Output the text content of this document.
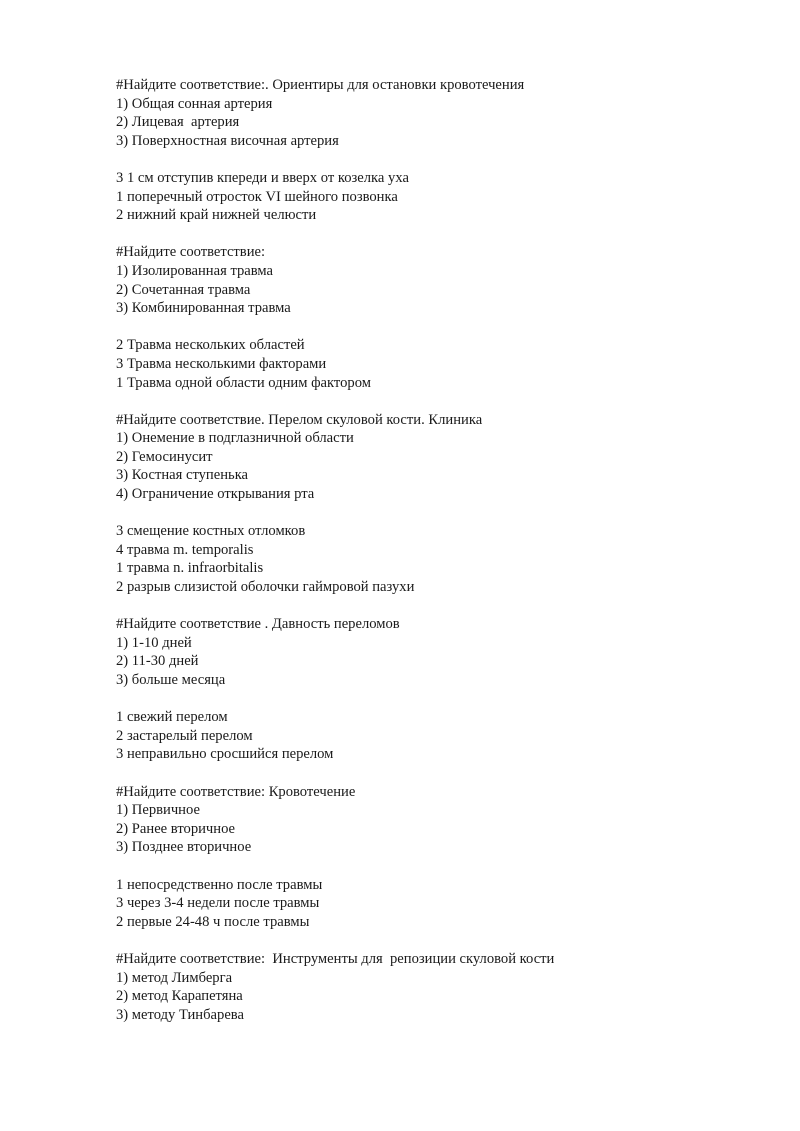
#Найдите соответствие:. Ориентиры для остановки кровотечения
1) Общая сонная артерия
2) Лицевая  артерия
3) Поверхностная височная артерия
3 1 см отступив кпереди и вверх от козелка уха
1 поперечный отросток VI шейного позвонка
2 нижний край нижней челюсти
#Найдите соответствие:
1) Изолированная травма
2) Сочетанная травма
3) Комбинированная травма
2 Травма нескольких областей
3 Травма несколькими факторами
1 Травма одной области одним фактором
#Найдите соответствие. Перелом скуловой кости. Клиника
1) Онемение в подглазничной области
2) Гемосинусит
3) Костная ступенька
4) Ограничение открывания рта
3 смещение костных отломков
4 травма m. temporalis
1 травма n. infraorbitalis
2 разрыв слизистой оболочки гаймровой пазухи
#Найдите соответствие . Давность переломов
1) 1-10 дней
2) 11-30 дней
3) больше месяца
1 свежий перелом
2 застарелый перелом
3 неправильно сросшийся перелом
#Найдите соответствие: Кровотечение
1) Первичное
2) Ранее вторичное
3) Позднее вторичное
1 непосредственно после травмы
3 через 3-4 недели после травмы
2 первые 24-48 ч после травмы
#Найдите соответствие:  Инструменты для  репозиции скуловой кости
1) метод Лимберга
2) метод Карапетяна
3) методу Тинбарева
